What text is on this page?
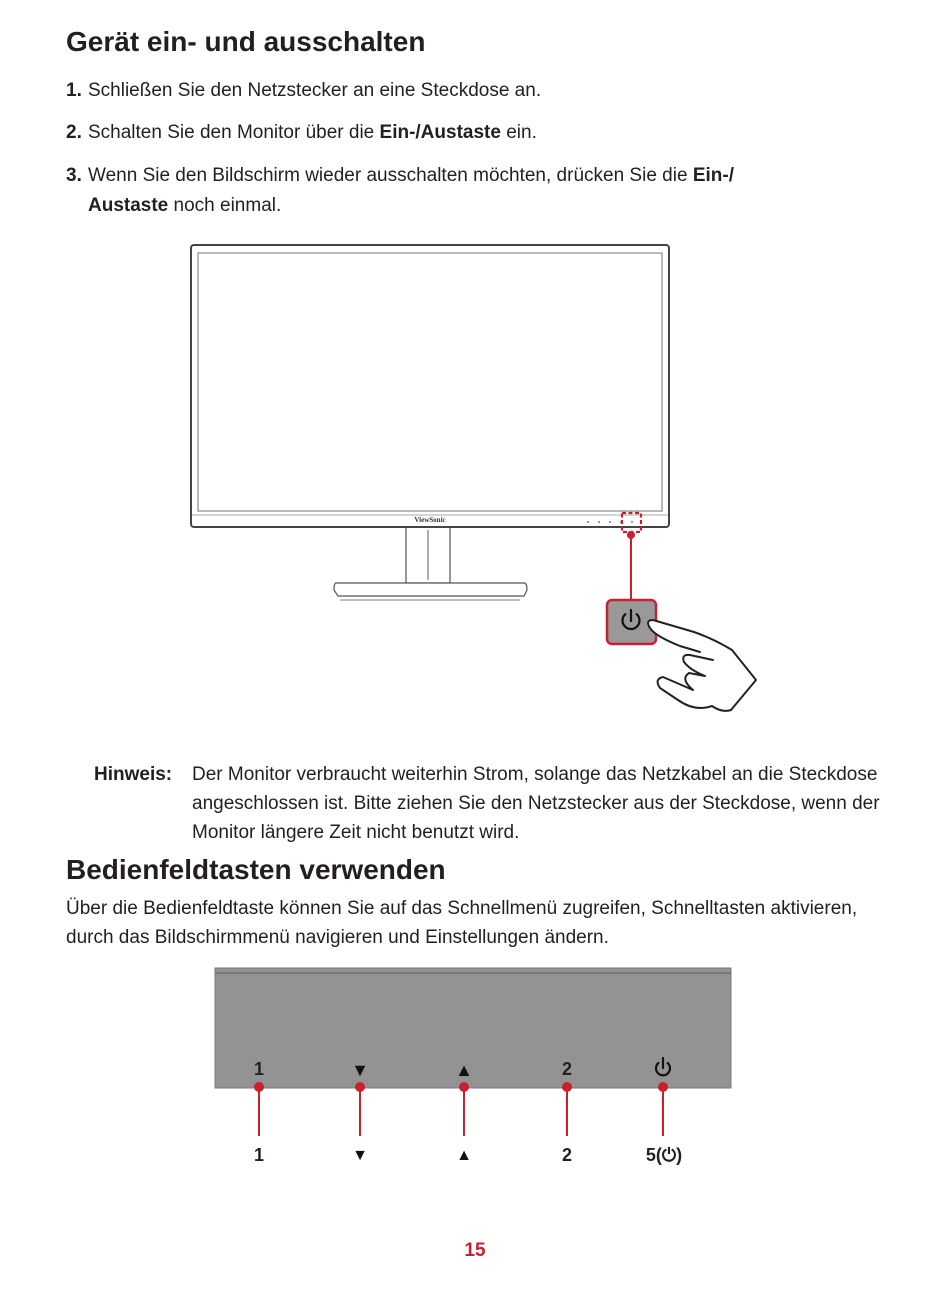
Gerät ein- und ausschalten
1. Schließen Sie den Netzstecker an eine Steckdose an.
2. Schalten Sie den Monitor über die Ein-/Austaste ein.
3. Wenn Sie den Bildschirm wieder ausschalten möchten, drücken Sie die Ein-/
Austaste noch einmal.
ViewSonic
Hinweis: Der Monitor verbraucht weiterhin Strom, solange das Netzkabel an die Steckdose angeschlossen ist. Bitte ziehen Sie den Netzstecker aus der Steckdose, wenn der Monitor längere Zeit nicht benutzt wird.
Bedienfeldtasten verwenden
Über die Bedienfeldtaste können Sie auf das Schnellmenü zugreifen, Schnelltasten aktivieren, durch das Bildschirmmenü navigieren und Einstellungen ändern.
1
1
▼
▼
▲
▲
2
2	5(⏻)
15
